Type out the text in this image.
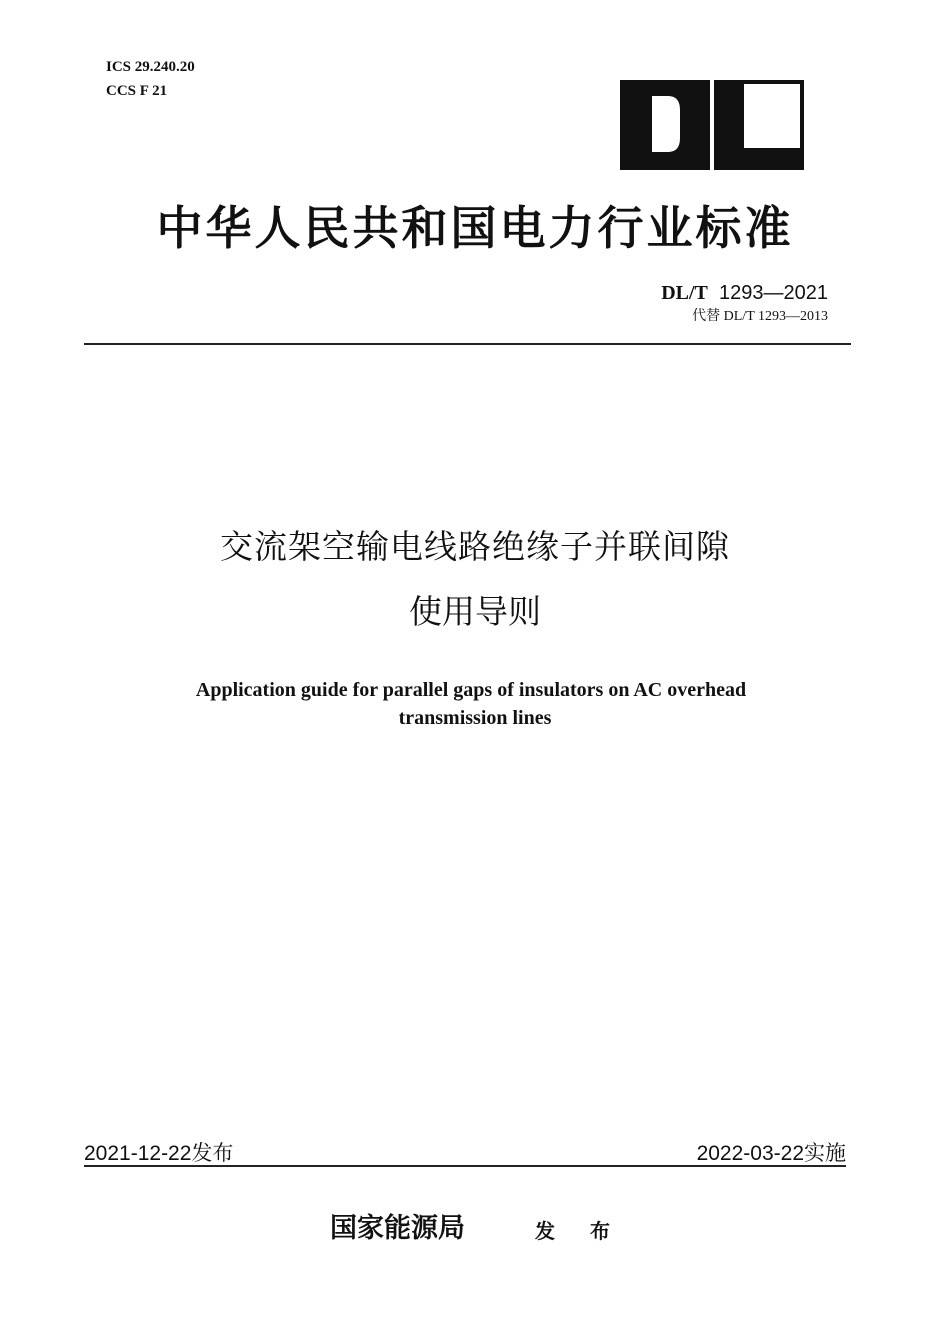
ICS 29.240.20
CCS F 21
中华人民共和国电力行业标准
DL/T 1293—2021
代替 DL/T 1293—2013
交流架空输电线路绝缘子并联间隙
使用导则
Application guide for parallel gaps of insulators on AC overhead
transmission lines
2021-12-22发布	2022-03-22实施
国家能源局	发 布
